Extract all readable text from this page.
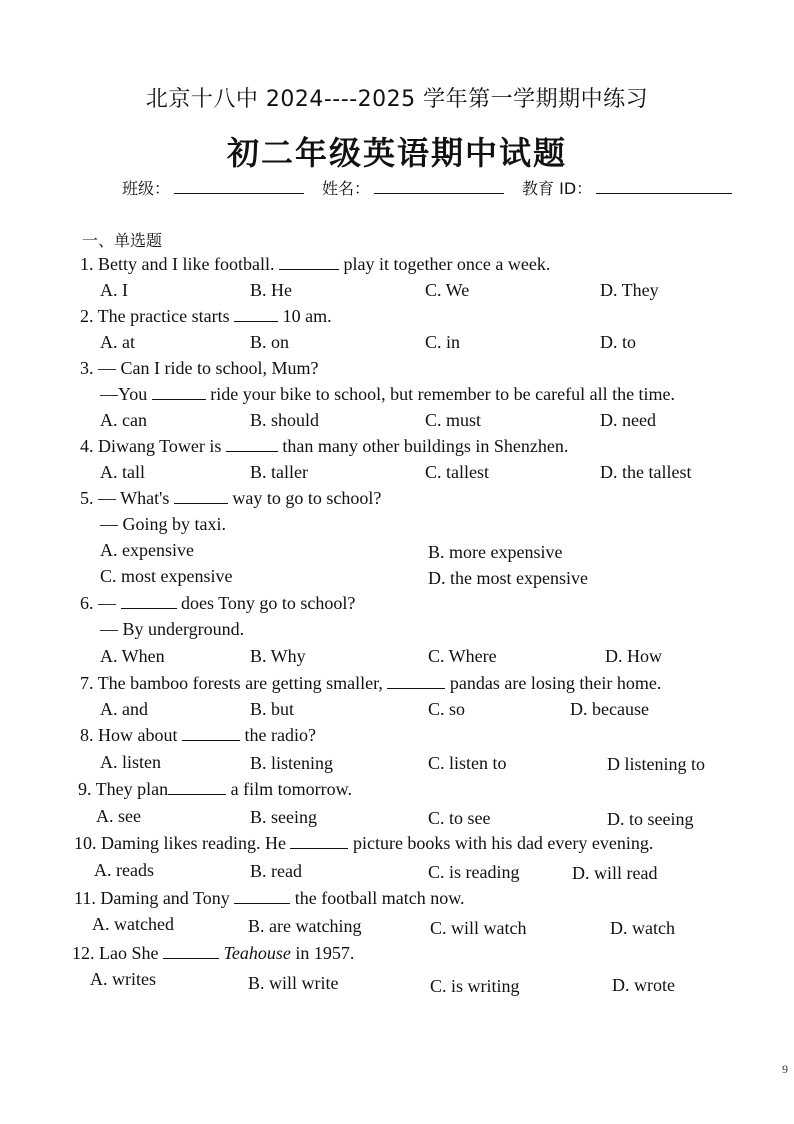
北京十八中 2024----2025 学年第一学期期中练习
初二年级英语期中试题
班级：	姓名：	教育 ID：
一、单选题
1. Betty and I like football.	play it together once a week.
A. I	B. He	C. We	D. They
2. The practice starts	10 am.
A. at	B. on	C. in	D. to
3. — Can I ride to school, Mum?
—You	ride your bike to school, but remember to be careful all the time.
A. can	B. should	C. must	D. need
4. Diwang Tower is	than many other buildings in Shenzhen.
A. tall	B. taller	C. tallest	D. the tallest
5. — What's	way to go to school?
— Going by taxi.
A. expensive	B. more expensive
C. most expensive	D. the most expensive
6. —	does Tony go to school?
— By underground.
A. When	B. Why	C. Where	D. How
7. The bamboo forests are getting smaller,	pandas are losing their home.
A. and	B. but	C. so	D. because
8. How about	the radio?
A. listen	B. listening	C. listen to	D listening to
9. They plan	a film tomorrow.
A. see	B. seeing	C. to see	D. to seeing
10. Daming likes reading. He	picture books with his dad every evening.
A. reads	B. read	C. is reading	D. will read
11. Daming and Tony	the football match now.
A. watched	B. are watching	C. will watch	D. watch
12. Lao She	Teahouse in 1957.
A. writes	B. will write	C. is writing	D. wrote
9
